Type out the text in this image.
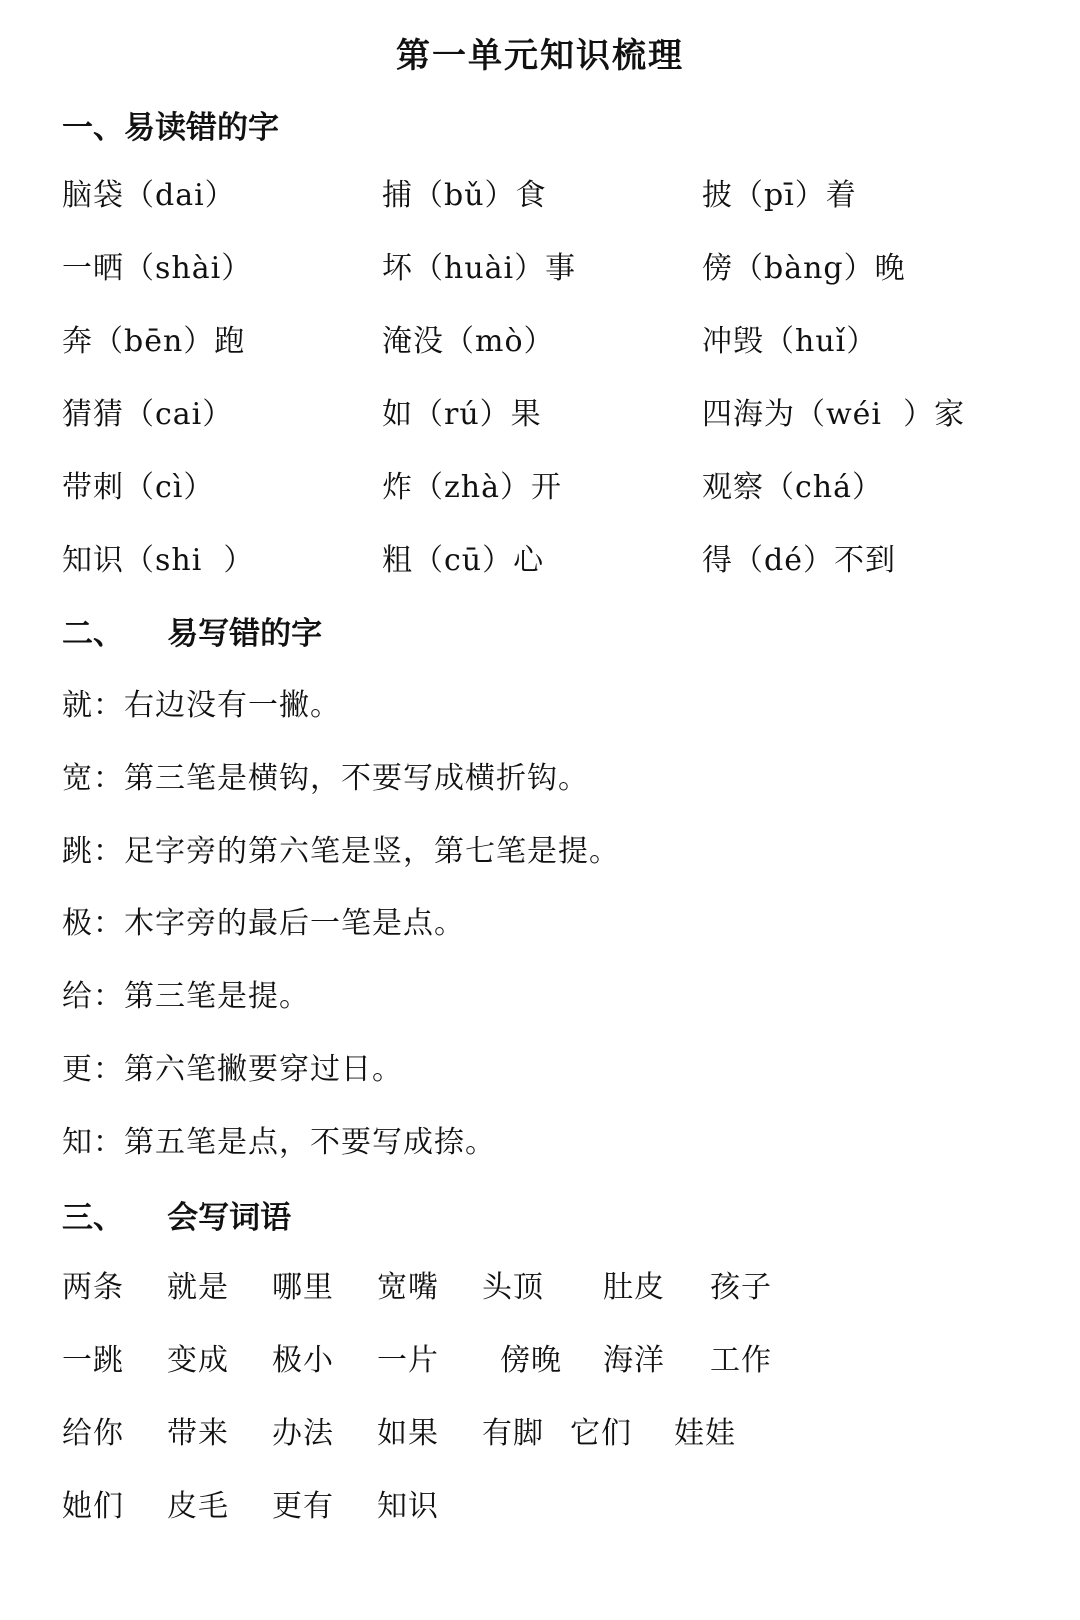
第一单元知识梳理
一、易读错的字
脑袋（dai）	捕（bǔ）食	披（pī）着
一晒（shài）	坏（huài）事	傍（bàng）晚
奔（bēn）跑	淹没（mò）	冲毁（huǐ）
猜猜（cai）	如（rú）果	四海为（wéi  ）家
带刺（cì）	炸（zhà）开	观察（chá）
知识（shi  ）	粗（cū）心	得（dé）不到
二、    易写错的字
就：右边没有一撇。
宽：第三笔是横钩，不要写成横折钩。
跳：足字旁的第六笔是竖，第七笔是提。
极：木字旁的最后一笔是点。
给：第三笔是提。
更：第六笔撇要穿过日。
知：第五笔是点，不要写成捺。
三、    会写词语
两条 就是 哪里 宽嘴 头顶 肚皮 孩子
一跳 变成 极小 一片 傍晚 海洋 工作
给你 带来 办法 如果 有脚 它们 娃娃
她们 皮毛 更有 知识
